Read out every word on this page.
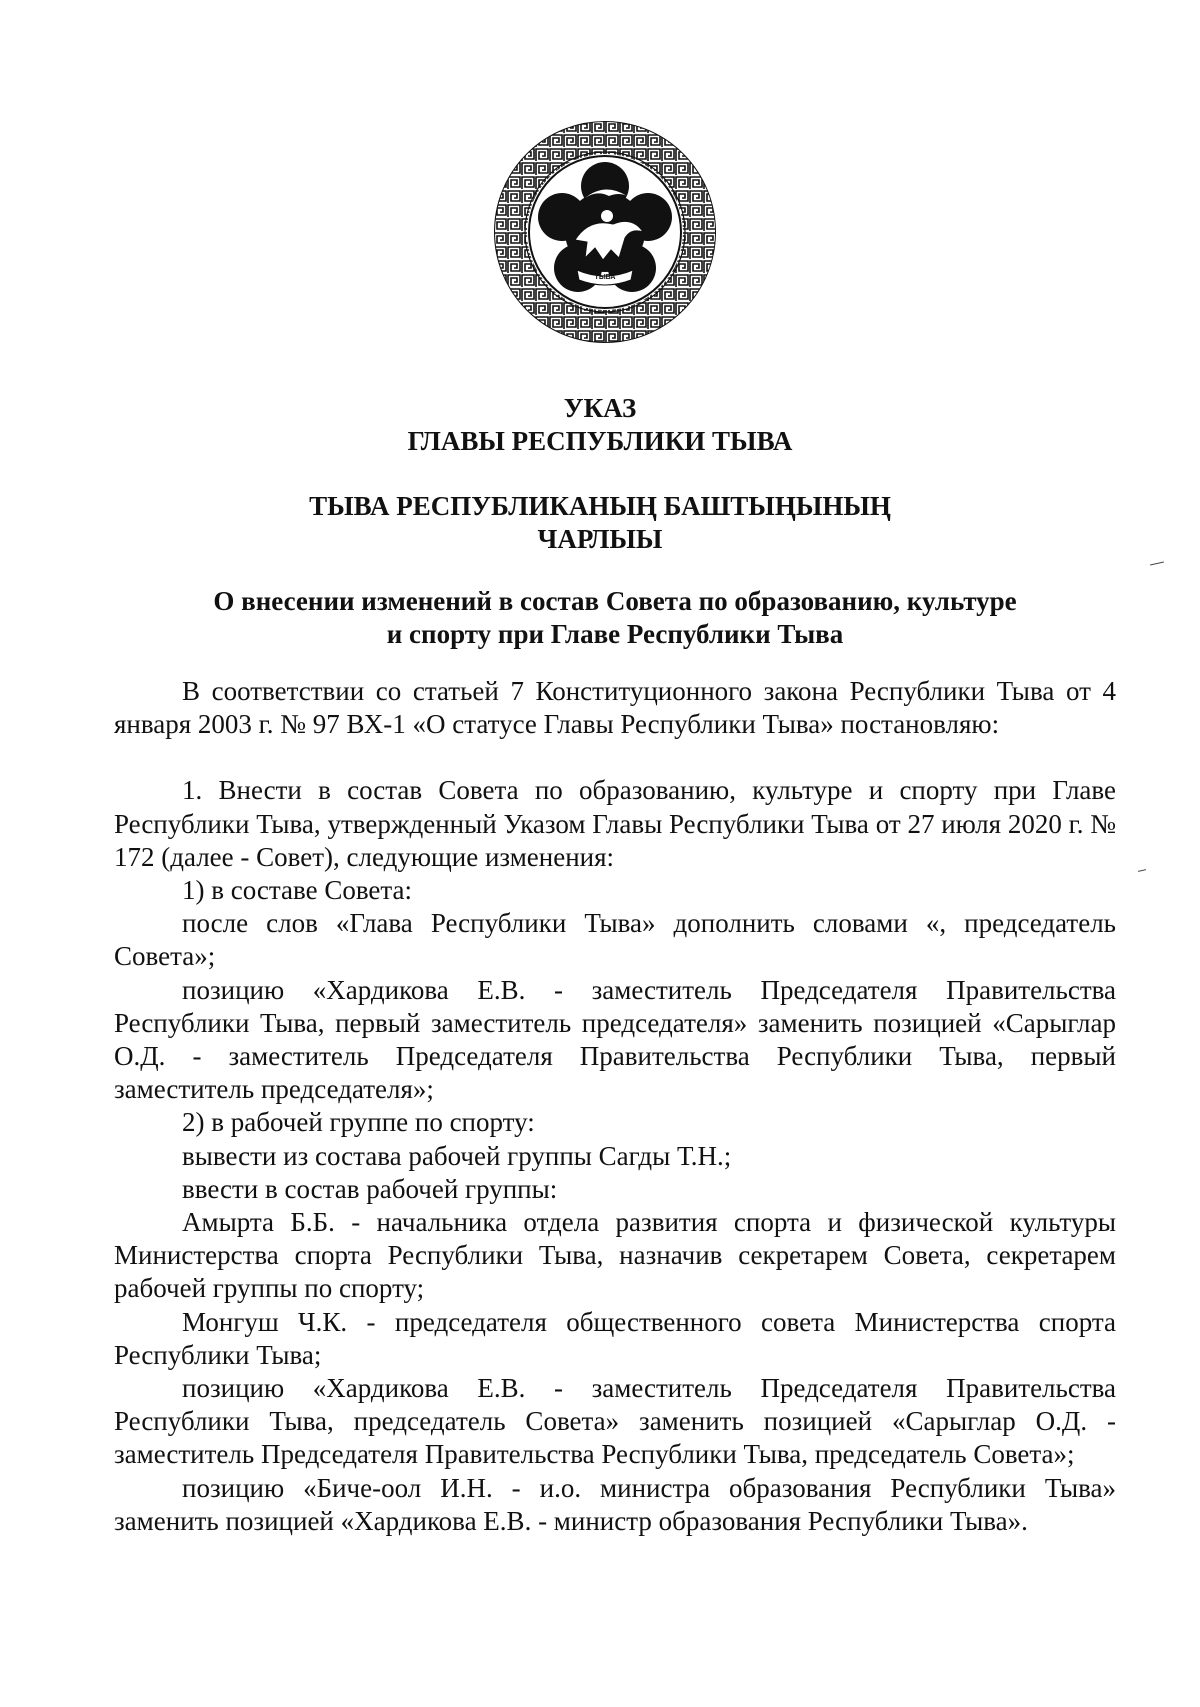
ТЫВА
УКАЗ
ГЛАВЫ РЕСПУБЛИКИ ТЫВА
ТЫВА РЕСПУБЛИКАНЫҢ БАШТЫҢЫНЫҢ
ЧАРЛЫЫ
О внесении изменений в состав Совета по образованию, культуре
и спорту при Главе Республики Тыва

В соответствии со статьей 7 Конституционного закона Республики Тыва от 4 января 2003 г. № 97 ВХ-1 «О статусе Главы Республики Тыва» постановляю:

1. Внести в состав Совета по образованию, культуре и спорту при Главе Республики Тыва, утвержденный Указом Главы Республики Тыва от 27 июля 2020 г. № 172 (далее - Совет), следующие изменения:

1) в составе Совета:

после слов «Глава Республики Тыва» дополнить словами «, председатель Совета»;

позицию «Хардикова Е.В. - заместитель Председателя Правительства Республики Тыва, первый заместитель председателя» заменить позицией «Сарыглар О.Д. - заместитель Председателя Правительства Республики Тыва, первый заместитель председателя»;

2) в рабочей группе по спорту:

вывести из состава рабочей группы Сагды Т.Н.;

ввести в состав рабочей группы:

Амырта Б.Б. - начальника отдела развития спорта и физической культуры Министерства спорта Республики Тыва, назначив секретарем Совета, секретарем рабочей группы по спорту;

Монгуш Ч.К. - председателя общественного совета Министерства спорта Республики Тыва;

позицию «Хардикова Е.В. - заместитель Председателя Правительства Республики Тыва, председатель Совета» заменить позицией «Сарыглар О.Д. - заместитель Председателя Правительства Республики Тыва, председатель Совета»;

позицию «Биче-оол И.Н. - и.о. министра образования Республики Тыва» заменить позицией «Хардикова Е.В. - министр образования Республики Тыва».
